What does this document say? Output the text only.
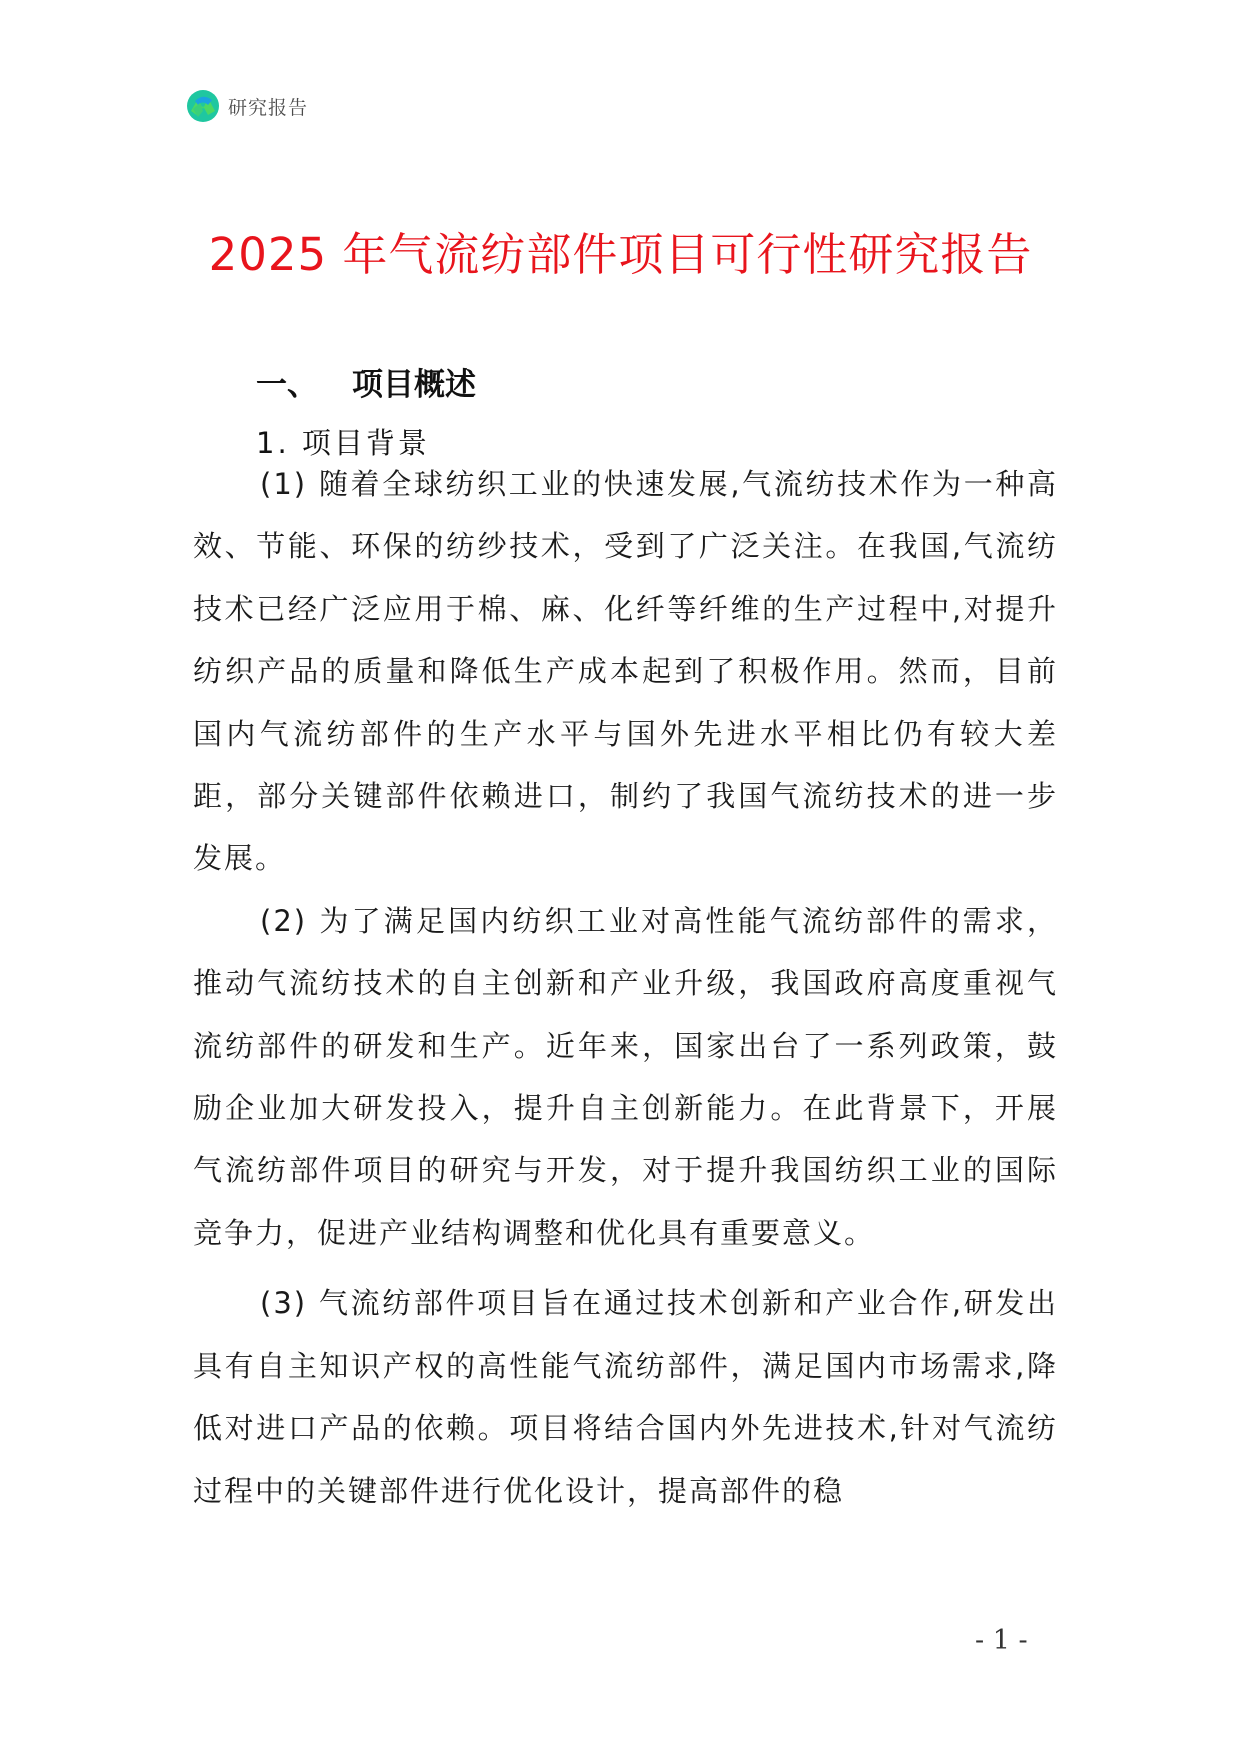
研究报告
2025 年气流纺部件项目可行性研究报告
一、 项目概述
1. 项目背景

(1) 随着全球纺织工业的快速发展,气流纺技术作为一种高效、节能、环保的纺纱技术，受到了广泛关注。在我国,气流纺技术已经广泛应用于棉、麻、化纤等纤维的生产过程中,对提升纺织产品的质量和降低生产成本起到了积极作用。然而，目前国内气流纺部件的生产水平与国外先进水平相比仍有较大差距，部分关键部件依赖进口，制约了我国气流纺技术的进一步发展。

(2) 为了满足国内纺织工业对高性能气流纺部件的需求，推动气流纺技术的自主创新和产业升级，我国政府高度重视气流纺部件的研发和生产。近年来，国家出台了一系列政策，鼓励企业加大研发投入，提升自主创新能力。在此背景下，开展气流纺部件项目的研究与开发，对于提升我国纺织工业的国际竞争力，促进产业结构调整和优化具有重要意义。

(3) 气流纺部件项目旨在通过技术创新和产业合作,研发出具有自主知识产权的高性能气流纺部件，满足国内市场需求,降低对进口产品的依赖。项目将结合国内外先进技术,针对气流纺过程中的关键部件进行优化设计，提高部件的稳

- 1 -
